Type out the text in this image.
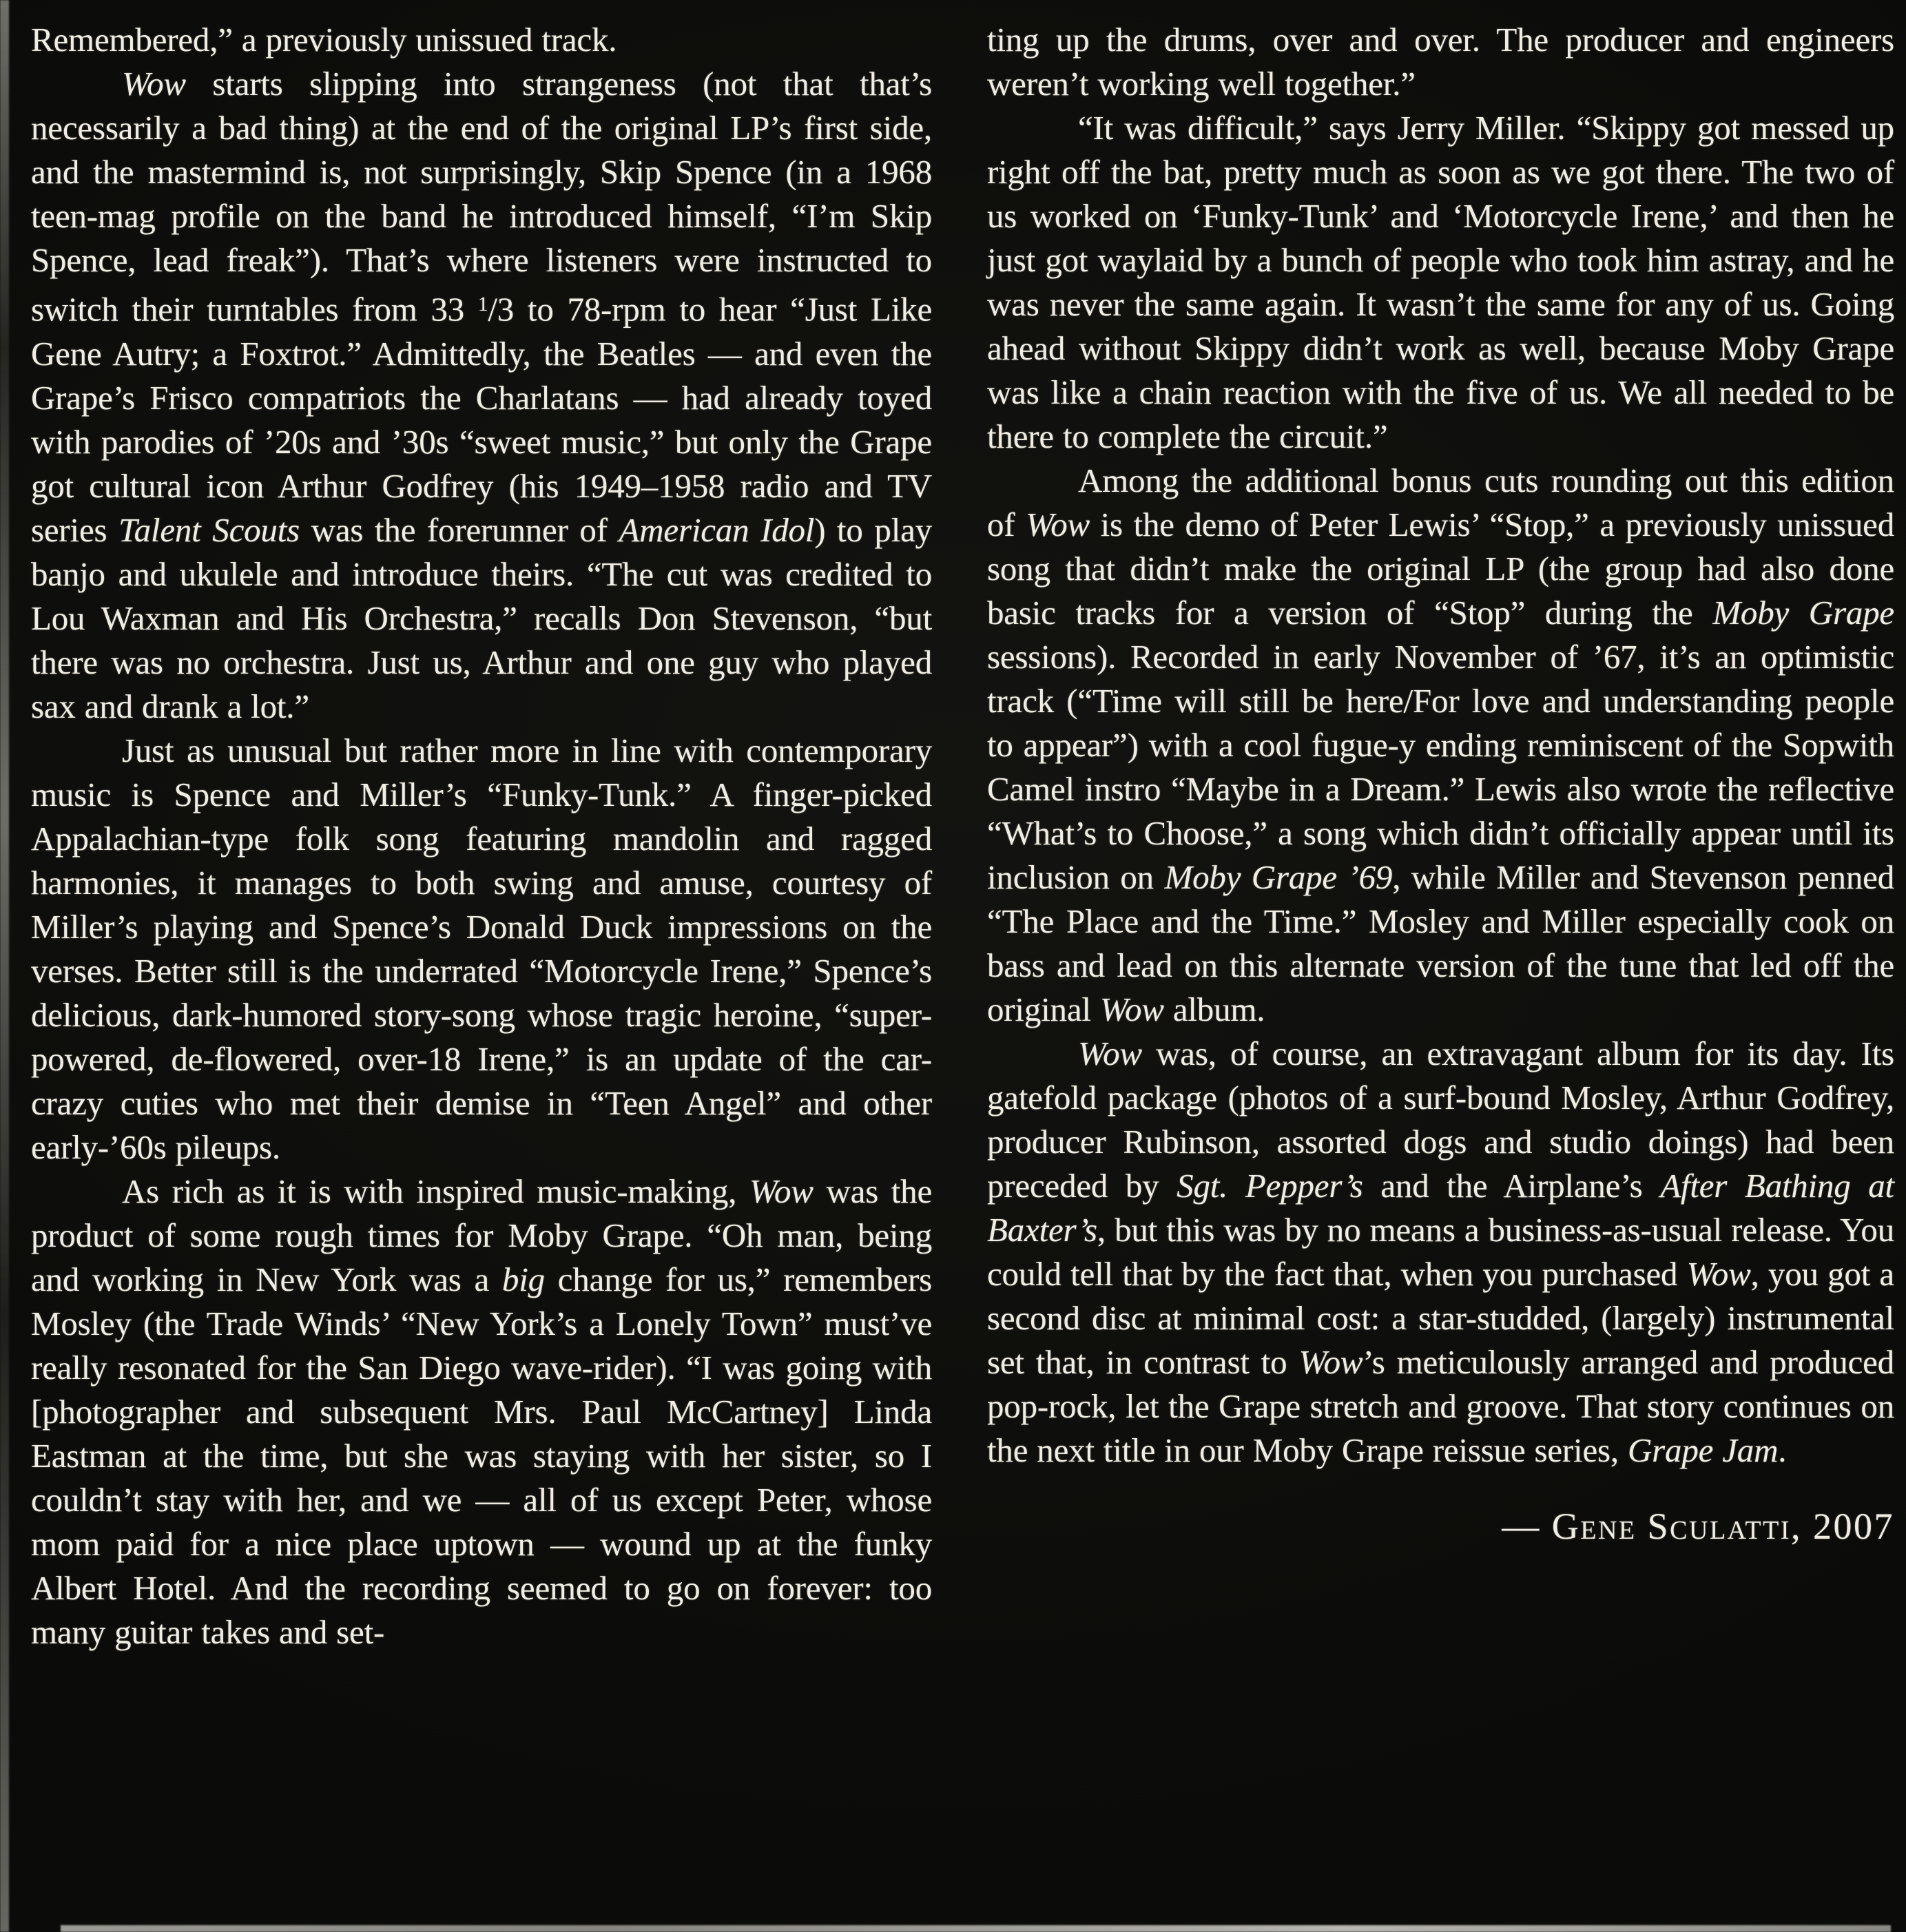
Remembered,” a previously unissued track.

Wow starts slipping into strangeness (not that that’s necessarily a bad thing) at the end of the original LP’s first side, and the mastermind is, not surprisingly, Skip Spence (in a 1968 teen-mag profile on the band he introduced himself, “I’m Skip Spence, lead freak”). That’s where listeners were instructed to switch their turntables from 33 $^1$/3 to 78-rpm to hear “Just Like Gene Autry; a Foxtrot.” Admittedly, the Beatles — and even the Grape’s Frisco compatriots the Charlatans — had already toyed with parodies of ’20s and ’30s “sweet music,” but only the Grape got cultural icon Arthur Godfrey (his 1949–1958 radio and TV series Talent Scouts was the forerunner of American Idol) to play banjo and ukulele and introduce theirs. “The cut was credited to Lou Waxman and His Orchestra,” recalls Don Stevenson, “but there was no orchestra. Just us, Arthur and one guy who played sax and drank a lot.”

Just as unusual but rather more in line with contemporary music is Spence and Miller’s “Funky-Tunk.” A finger-picked Appalachian-type folk song featuring mandolin and ragged harmonies, it manages to both swing and amuse, courtesy of Miller’s playing and Spence’s Donald Duck impressions on the verses. Better still is the underrated “Motorcycle Irene,” Spence’s delicious, dark-humored story-song whose tragic heroine, “super-powered, de-flowered, over-18 Irene,” is an update of the car-crazy cuties who met their demise in “Teen Angel” and other early-’60s pileups.

As rich as it is with inspired music-making, Wow was the product of some rough times for Moby Grape. “Oh man, being and working in New York was a big change for us,” remembers Mosley (the Trade Winds’ “New York’s a Lonely Town” must’ve really resonated for the San Diego wave-rider). “I was going with [photographer and subsequent Mrs. Paul McCartney] Linda Eastman at the time, but she was staying with her sister, so I couldn’t stay with her, and we — all of us except Peter, whose mom paid for a nice place uptown — wound up at the funky Albert Hotel. And the recording seemed to go on forever: too many guitar takes and set-

ting up the drums, over and over. The producer and engineers weren’t working well together.”

“It was difficult,” says Jerry Miller. “Skippy got messed up right off the bat, pretty much as soon as we got there. The two of us worked on ‘Funky-Tunk’ and ‘Motorcycle Irene,’ and then he just got waylaid by a bunch of people who took him astray, and he was never the same again. It wasn’t the same for any of us. Going ahead without Skippy didn’t work as well, because Moby Grape was like a chain reaction with the five of us. We all needed to be there to complete the circuit.”

Among the additional bonus cuts rounding out this edition of Wow is the demo of Peter Lewis’ “Stop,” a previously unissued song that didn’t make the original LP (the group had also done basic tracks for a version of “Stop” during the Moby Grape sessions). Recorded in early November of ’67, it’s an optimistic track (“Time will still be here/For love and understanding people to appear”) with a cool fugue-y ending reminiscent of the Sopwith Camel instro “Maybe in a Dream.” Lewis also wrote the reflective “What’s to Choose,” a song which didn’t officially appear until its inclusion on Moby Grape ’69, while Miller and Stevenson penned “The Place and the Time.” Mosley and Miller especially cook on bass and lead on this alternate version of the tune that led off the original Wow album.

Wow was, of course, an extravagant album for its day. Its gatefold package (photos of a surf-bound Mosley, Arthur Godfrey, producer Rubinson, assorted dogs and studio doings) had been preceded by Sgt. Pepper’s and the Airplane’s After Bathing at Baxter’s, but this was by no means a business-as-usual release. You could tell that by the fact that, when you purchased Wow, you got a second disc at minimal cost: a star-studded, (largely) instrumental set that, in contrast to Wow’s meticulously arranged and produced pop-rock, let the Grape stretch and groove. That story continues on the next title in our Moby Grape reissue series, Grape Jam.

— Gene Sculatti, 2007
